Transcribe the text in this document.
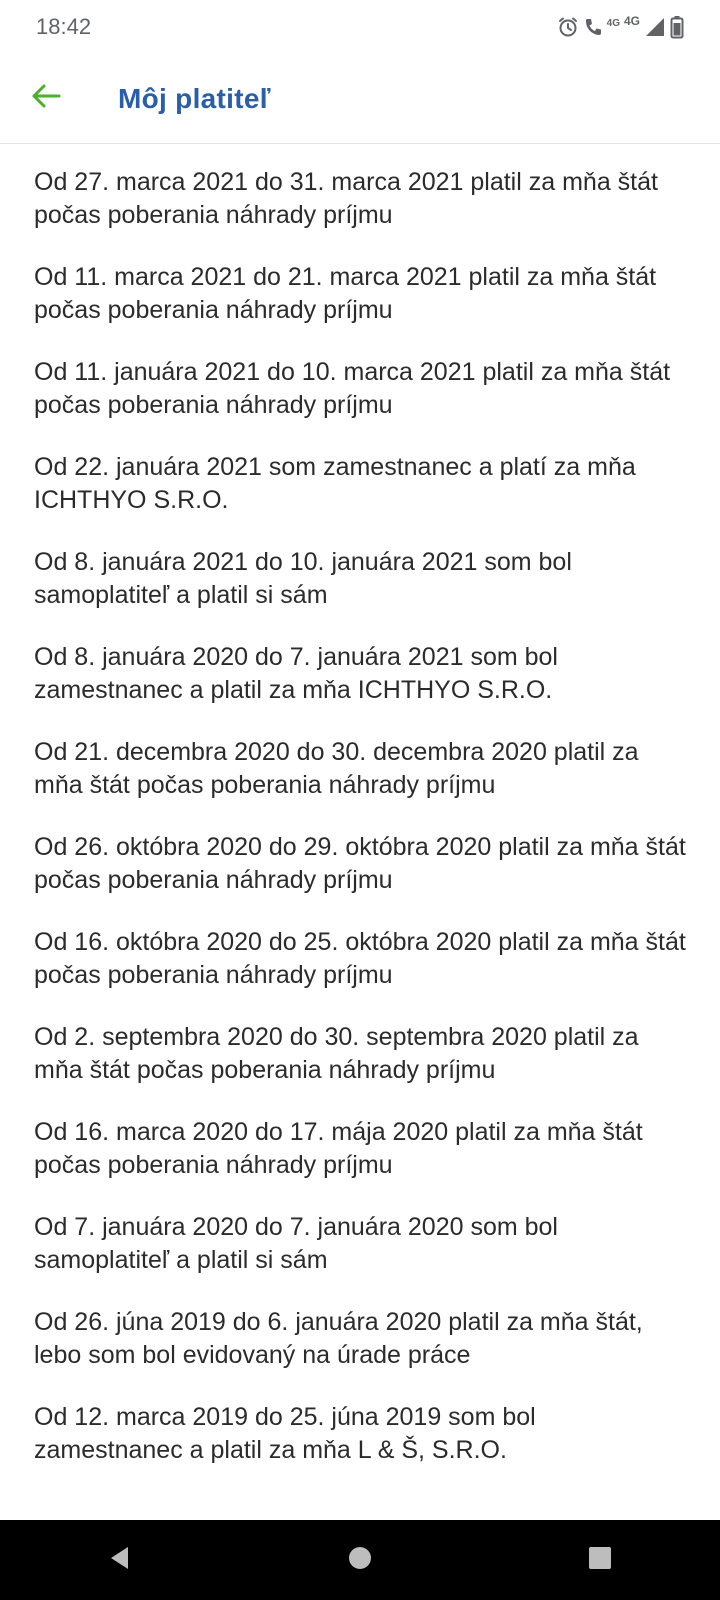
18:42	4G 4G
Môj platiteľ
Od 27. marca 2021 do 31. marca 2021 platil za mňa štát počas poberania náhrady príjmu
Od 11. marca 2021 do 21. marca 2021 platil za mňa štát počas poberania náhrady príjmu
Od 11. januára 2021 do 10. marca 2021 platil za mňa štát počas poberania náhrady príjmu
Od 22. januára 2021 som zamestnanec a platí za mňa ICHTHYO S.R.O.
Od 8. januára 2021 do 10. januára 2021 som bol samoplatiteľ a platil si sám
Od 8. januára 2020 do 7. januára 2021 som bol zamestnanec a platil za mňa ICHTHYO S.R.O.
Od 21. decembra 2020 do 30. decembra 2020 platil za mňa štát počas poberania náhrady príjmu
Od 26. októbra 2020 do 29. októbra 2020 platil za mňa štát počas poberania náhrady príjmu
Od 16. októbra 2020 do 25. októbra 2020 platil za mňa štát počas poberania náhrady príjmu
Od 2. septembra 2020 do 30. septembra 2020 platil za mňa štát počas poberania náhrady príjmu
Od 16. marca 2020 do 17. mája 2020 platil za mňa štát počas poberania náhrady príjmu
Od 7. januára 2020 do 7. januára 2020 som bol samoplatiteľ a platil si sám
Od 26. júna 2019 do 6. januára 2020 platil za mňa štát, lebo som bol evidovaný na úrade práce
Od 12. marca 2019 do 25. júna 2019 som bol zamestnanec a platil za mňa L & Š, S.R.O.
